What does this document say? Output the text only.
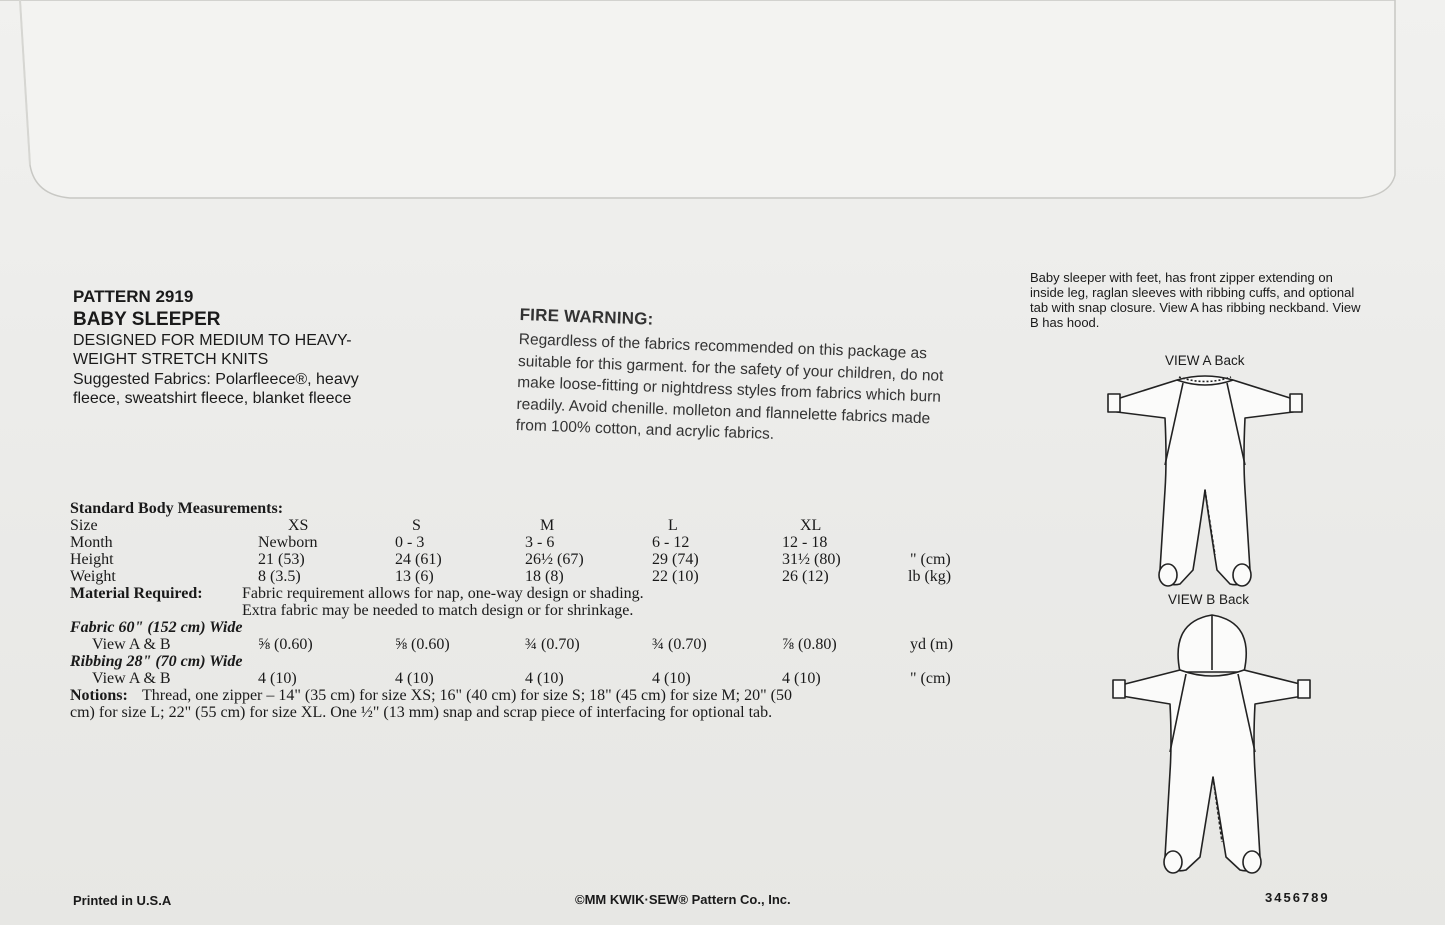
PATTERN 2919
BABY SLEEPER
DESIGNED FOR MEDIUM TO HEAVY-WEIGHT STRETCH KNITS
Suggested Fabrics: Polarfleece®, heavy fleece, sweatshirt fleece, blanket fleece
FIRE WARNING:
Regardless of the fabrics recommended on this package as suitable for this garment. for the safety of your children, do not make loose-fitting or nightdress styles from fabrics which burn readily. Avoid chenille. molleton and flannelette fabrics made from 100% cotton, and acrylic fabrics.
Baby sleeper with feet, has front zipper extending on inside leg, raglan sleeves with ribbing cuffs, and optional tab with snap closure. View A has ribbing neckband. View B has hood.
VIEW A Back
VIEW B Back
Standard Body Measurements:
Size	XS	S	M	L	XL
Month	Newborn	0 - 3	3 - 6	6 - 12	12 - 18
Height	21 (53)	24 (61)	26½ (67)	29 (74)	31½ (80)	" (cm)
Weight	8 (3.5)	13 (6)	18 (8)	22 (10)	26 (12)	lb (kg)
Material Required: Fabric requirement allows for nap, one-way design or shading.
Extra fabric may be needed to match design or for shrinkage.
Fabric 60" (152 cm) Wide
View A & B	⅝ (0.60)	⅝ (0.60)	¾ (0.70)	¾ (0.70)	⅞ (0.80)	yd (m)
Ribbing 28" (70 cm) Wide
View A & B	4 (10)	4 (10)	4 (10)	4 (10)	4 (10)	" (cm)
Notions: Thread, one zipper – 14" (35 cm) for size XS; 16" (40 cm) for size S; 18" (45 cm) for size M; 20" (50
cm) for size L; 22" (55 cm) for size XL. One ½" (13 mm) snap and scrap piece of interfacing for optional tab.
Printed in U.S.A	©MM KWIK·SEW® Pattern Co., Inc.	3456789
